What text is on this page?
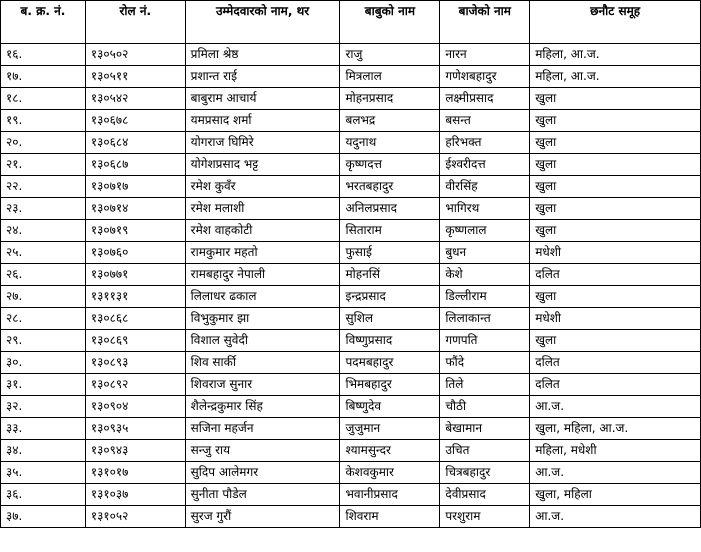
ब. क्र. नं.	रोल नं.	उम्मेदवारको नाम, थर	बाबुको नाम	बाजेको नाम	छनौट समूह
१६.	१३०५०२	प्रमिला श्रेष्ठ	राजु	नारन	महिला, आ.ज.
१७.	१३०५११	प्रशान्त राई	मित्रलाल	गणेशबहादुर	महिला, आ.ज.
१८.	१३०५४२	बाबुराम आचार्य	मोहनप्रसाद	लक्ष्मीप्रसाद	खुला
१९.	१३०६७८	यमप्रसाद शर्मा	बलभद्र	बसन्त	खुला
२०.	१३०६८४	योगराज घिमिरे	यदुनाथ	हरिभक्त	खुला
२१.	१३०६८७	योगेशप्रसाद भट्ट	कृष्णदत्त	ईश्वरीदत्त	खुला
२२.	१३०७१७	रमेश कुवँर	भरतबहादुर	वीरसिंह	खुला
२३.	१३०७१४	रमेश मलाशी	अनिलप्रसाद	भागिरथ	खुला
२४.	१३०७१९	रमेश वाहकोटी	सिताराम	कृष्णलाल	खुला
२५.	१३०७६०	रामकुमार महतो	फुसाई	बुधन	मधेशी
२६.	१३०७७१	रामबहादुर नेपाली	मोहनसिं	केशे	दलित
२७.	१३११३१	लिलाधर ढकाल	इन्द्रप्रसाद	डिल्लीराम	खुला
२८.	१३०८६८	विभुकुमार झा	सुशिल	लिलाकान्त	मधेशी
२९.	१३०८६९	विशाल सुवेदी	विष्णुप्रसाद	गणपति	खुला
३०.	१३०८९३	शिव सार्की	पदमबहादुर	फौंदे	दलित
३१.	१३०८९२	शिवराज सुनार	भिमबहादुर	तिले	दलित
३२.	१३०९०४	शैलेन्द्रकुमार सिंह	बिष्णुदेव	चौठी	आ.ज.
३३.	१३०९३५	सजिना महर्जन	जुजुमान	बेखामान	खुला, महिला, आ.ज.
३४.	१३०९४३	सन्जु राय	श्यामसुन्दर	उचित	महिला, मधेशी
३५.	१३१०१७	सुदिप आलेमगर	केशवकुमार	चित्रबहादुर	आ.ज.
३६.	१३१०३७	सुनीता पौडेल	भवानीप्रसाद	देवीप्रसाद	खुला, महिला
३७.	१३१०५२	सुरज गुरौं	शिवराम	परशुराम	आ.ज.
